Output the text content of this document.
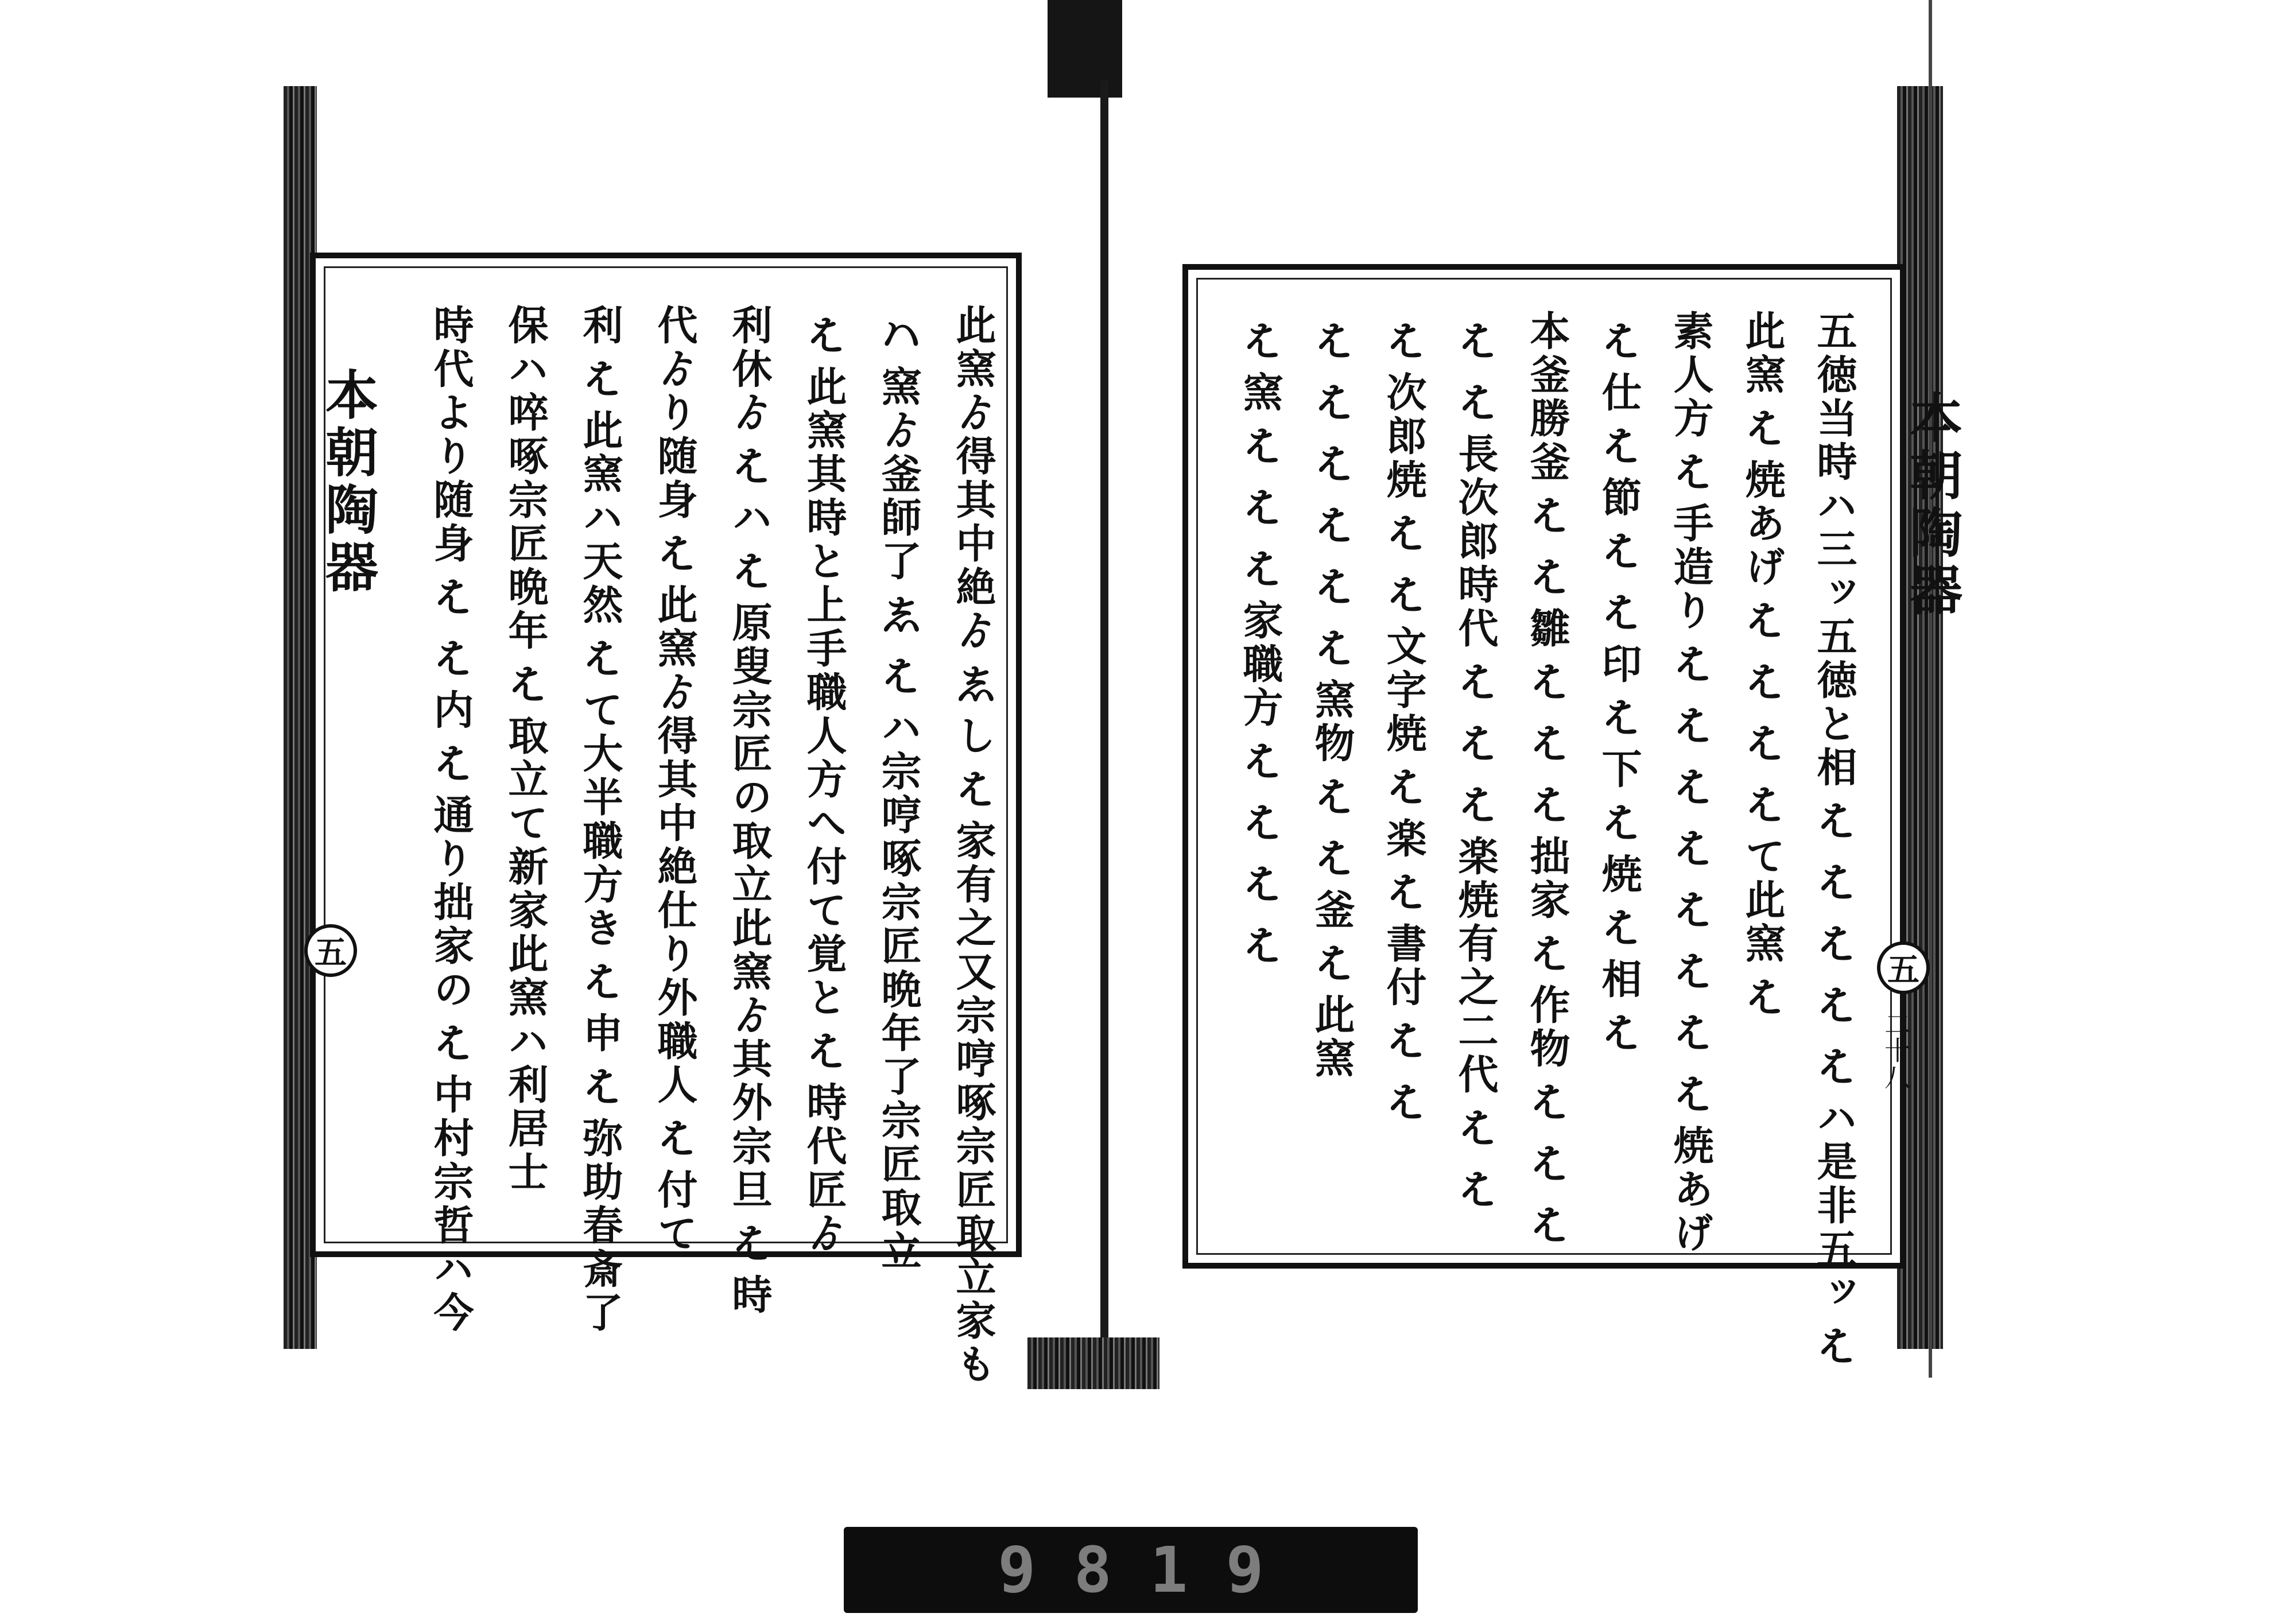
本朝陶器
五	此窯ゟ得其中絶ゟ𛁈し𛂦家有之又宗哼啄宗匠取立家も
𛂞窯ゟ釜師了𛁈𛂦ハ宗哼啄宗匠晩年了宗匠取立
𛂦此窯其時と上手職人方へ付て覚と𛂦時代匠ゟ
利休ゟ𛂦ハ𛂦原叟宗匠の取立此窯ゟ其外宗旦𛂦時
代ゟり随身𛂦此窯ゟ得其中絶仕り外職人𛂦付て
利𛂦此窯ハ天然𛂦て大半職方き𛂦申𛂦弥助春斎了
保ハ啐啄宗匠晩年𛂦取立て新家此窯ハ利居士
時代より随身𛂦𛂦内𛂦通り拙家の𛂦中村宗哲ハ今	本朝陶器
五
二十八
五徳当時ハ三ッ五徳と相𛂦𛂦𛂦𛂦𛂦ハ是非五ッ𛂦
此窯𛂦焼あげ𛂦𛂦𛂦𛂦て此窯𛂦
素人方𛂦手造り𛂦𛂦𛂦𛂦𛂦𛂦𛂦𛂦焼あげ
𛂦仕𛂦節𛂦𛂦印𛂦下𛂦焼𛂦相𛂦
本釜勝釜𛂦𛂦雛𛂦𛂦𛂦拙家𛂦作物𛂦𛂦𛂦
𛂦𛂦長次郎時代𛂦𛂦𛂦楽焼有之二代𛂦𛂦
𛂦次郎焼𛂦𛂦文字焼𛂦楽𛂦書付𛂦𛂦
𛂦𛂦𛂦𛂦𛂦𛂦窯物𛂦𛂦釜𛂦此窯
𛂦窯𛂦𛂦𛂦家職方𛂦𛂦𛂦𛂦
9 8 1 9
